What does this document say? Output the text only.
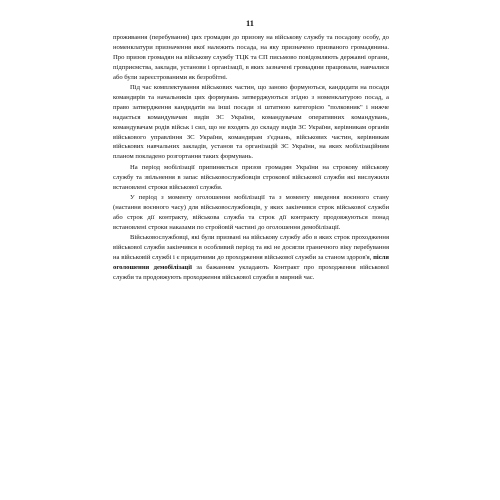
11

проживання (перебування) цих громадян до призову на військову службу та посадову особу, до номенклатури призначення якої належить посада, на яку призначено призваного громадянина. Про призов громадян на військову службу ТЦК та СП письмово повідомляють державні органи, підприємства, заклади, установи і організації, в яких зазначені громадяни працювали, навчалися або були зареєстрованими як безробітні.

Під час комплектування військових частин, що заново формуються, кандидати на посади командирів та начальників цих формувань затверджуються згідно з номенклатурою посад, а право затвердження кандидатів на інші посади зі штатною категорією "полковник" і нижче надається командувачам видів ЗС України, командувачам оперативних командувань, командувачам родів військ і сил, що не входять до складу видів ЗС України, керівникам органів військового управління ЗС України, командирам з'єднань, військових частин, керівникам військових навчальних закладів, установ та організацій ЗС України, на яких мобілізаційним планом покладено розгортання таких формувань.

На період мобілізації припиняється призов громадян України на строкову військову службу та звільнення в запас військовослужбовців строкової військової служби які вислужили встановлені строки військової служби.

У період з моменту оголошення мобілізації та з моменту введення воєнного стану (настання воєнного часу) для військовослужбовців, у яких закінчився строк військової служби або строк дії контракту, військова служба та строк дії контракту продовжуються понад встановлені строки наказами по стройовій частині до оголошення демобілізації.

Військовослужбовці, які були призвані на військову службу або в яких строк проходження військової служби закінчився в особливий період та які не досягли граничного віку перебування на військовій службі і є придатними до проходження військової служби за станом здоров'я, після оголошення демобілізації за бажанням укладають Контракт про проходження військової служби та продовжують проходження військової служби в мирний час.
